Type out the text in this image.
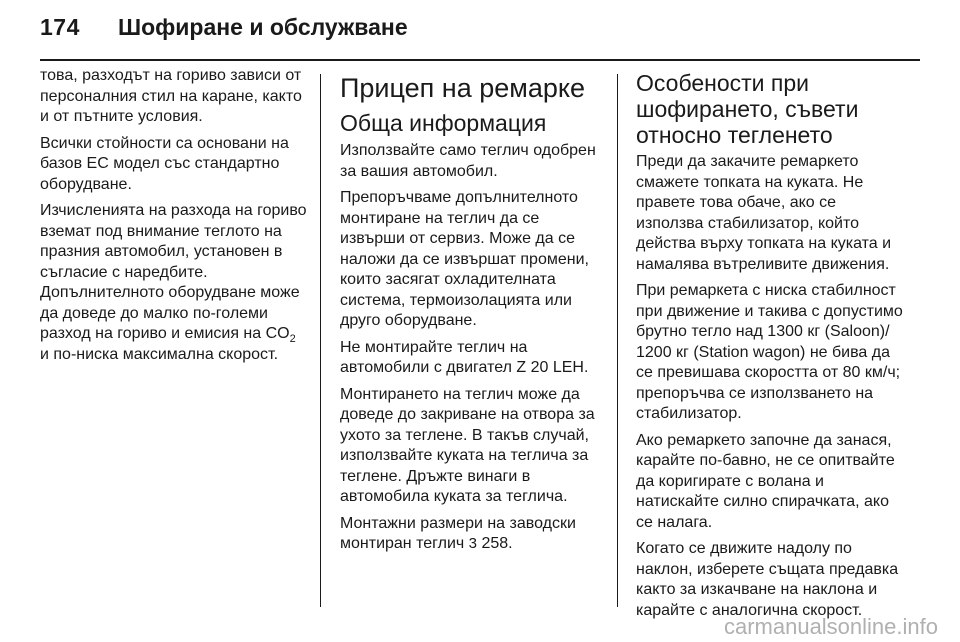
174 Шофиране и обслужване

това, разходът на гориво зависи от персоналния стил на каране, както и от пътните условия.

Всички стойности са основани на базов ЕС модел със стандартно оборудване.

Изчисленията на разхода на гориво вземат под внимание теглото на празния автомобил, установен в съгласие с наредбите. Допълнителното оборудване може да доведе до малко по-големи разход на гориво и емисия на $CO_2$
и по-ниска максимална скорост.

Прицеп на ремарке
Обща информация

Използвайте само теглич одобрен за вашия автомобил.

Препоръчваме допълнителното монтиране на теглич да се извърши от сервиз. Може да се наложи да се извършат промени, които засягат охладителната система, термоизолацията или друго оборудване.

Не монтирайте теглич на автомобили с двигател Z 20 LEH.

Монтирането на теглич може да доведе до закриване на отвора за ухото за теглене. В такъв случай, използвайте куката на теглича за теглене. Дръжте винаги в автомобила куката за теглича.

Монтажни размери на заводски монтиран теглич 3 258.

Особености при шофирането, съвети относно тегленето

Преди да закачите ремаркето смажете топката на куката. Не правете това обаче, ако се използва стабилизатор, който действа върху топката на куката и намалява вътреливите движения.

При ремаркета с ниска стабилност при движение и такива с допустимо брутно тегло над 1300 кг (Saloon)/ 1200 кг (Station wagon) не бива да се превишава скоростта от 80 км/ч; препоръчва се използването на стабилизатор.

Ако ремаркето започне да занася, карайте по-бавно, не се опитвайте да коригирате с волана и натискайте силно спирачката, ако се налага.

Когато се движите надолу по наклон, изберете същата предавка както за изкачване на наклона и карайте с аналогична скорост.

carmanualsonline.info
